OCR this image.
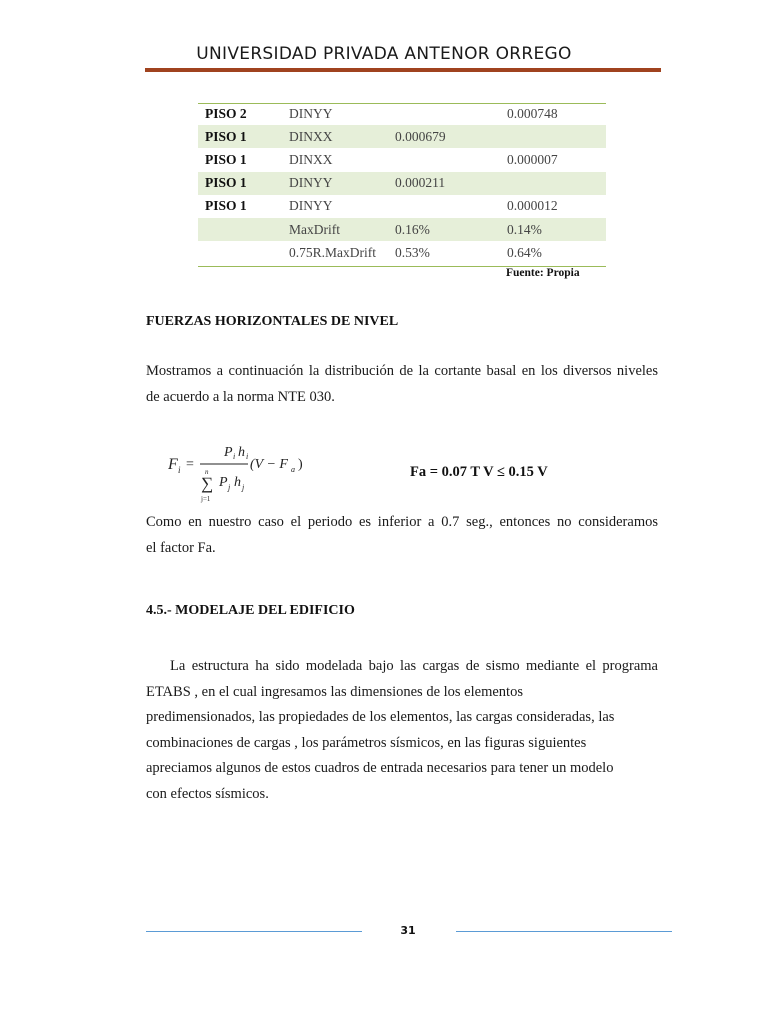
UNIVERSIDAD PRIVADA ANTENOR ORREGO
PISO 2	DINYY		0.000748
PISO 1	DINXX	0.000679	
PISO 1	DINXX		0.000007
PISO 1	DINYY	0.000211	
PISO 1	DINYY		0.000012
	MaxDrift	0.16%	0.14%
	0.75R.MaxDrift	0.53%	0.64%
Fuente: Propia
FUERZAS HORIZONTALES DE NIVEL
Mostramos a continuación la distribución de la cortante basal en los diversos niveles
de acuerdo a la norma NTE 030.
F i =
P i h i
(V − F a )
n
∑
j=1
P j h j
Fa = 0.07 T V ≤ 0.15 V
Como en nuestro caso el periodo es inferior a 0.7 seg., entonces no consideramos
el factor Fa.
4.5.- MODELAJE DEL EDIFICIO
La estructura ha sido modelada bajo las cargas de sismo mediante el programa
ETABS , en el cual ingresamos las dimensiones de los elementos
predimensionados, las propiedades de los elementos, las cargas consideradas, las
combinaciones de cargas , los parámetros sísmicos, en las figuras siguientes
apreciamos algunos de estos cuadros de entrada necesarios para tener un modelo
con efectos sísmicos.
31
